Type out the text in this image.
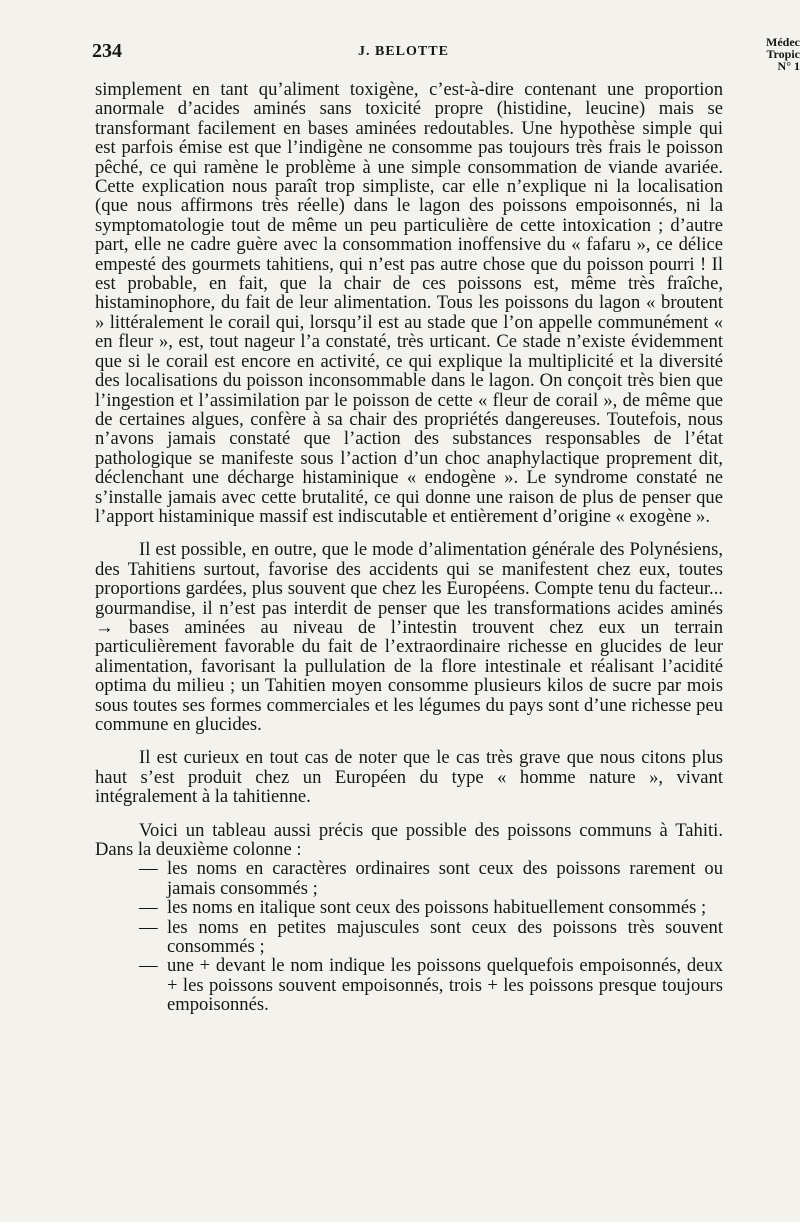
234	J. BELOTTE
Médec
Tropic
N° 1

simplement en tant qu’aliment toxigène, c’est-à-dire contenant une proportion anormale d’acides aminés sans toxicité propre (histidine, leucine) mais se transformant facilement en bases aminées redoutables. Une hypothèse simple qui est parfois émise est que l’indigène ne consomme pas toujours très frais le poisson pêché, ce qui ramène le problème à une simple consommation de viande avariée. Cette explication nous paraît trop simpliste, car elle n’explique ni la localisation (que nous affirmons très réelle) dans le lagon des poissons empoisonnés, ni la symptomatologie tout de même un peu particulière de cette intoxication ; d’autre part, elle ne cadre guère avec la consommation inoffensive du « fafaru », ce délice empesté des gourmets tahitiens, qui n’est pas autre chose que du poisson pourri ! Il est probable, en fait, que la chair de ces poissons est, même très fraîche, histaminophore, du fait de leur alimentation. Tous les poissons du lagon « broutent » littéralement le corail qui, lorsqu’il est au stade que l’on appelle communément « en fleur », est, tout nageur l’a constaté, très urticant. Ce stade n’existe évidemment que si le corail est encore en activité, ce qui explique la multiplicité et la diversité des localisations du poisson inconsommable dans le lagon. On conçoit très bien que l’ingestion et l’assimilation par le poisson de cette « fleur de corail », de même que de certaines algues, confère à sa chair des propriétés dangereuses. Toutefois, nous n’avons jamais constaté que l’action des substances responsables de l’état pathologique se manifeste sous l’action d’un choc anaphylactique proprement dit, déclenchant une décharge histaminique « endogène ». Le syndrome constaté ne s’installe jamais avec cette brutalité, ce qui donne une raison de plus de penser que l’apport histaminique massif est indiscutable et entièrement d’origine « exogène ».

Il est possible, en outre, que le mode d’alimentation générale des Polynésiens, des Tahitiens surtout, favorise des accidents qui se manifestent chez eux, toutes proportions gardées, plus souvent que chez les Européens. Compte tenu du facteur... gourmandise, il n’est pas interdit de penser que les transformations acides aminés → bases aminées au niveau de l’intestin trouvent chez eux un terrain particulièrement favorable du fait de l’extraordinaire richesse en glucides de leur alimentation, favorisant la pullulation de la flore intestinale et réalisant l’acidité optima du milieu ; un Tahitien moyen consomme plusieurs kilos de sucre par mois sous toutes ses formes commerciales et les légumes du pays sont d’une richesse peu commune en glucides.

Il est curieux en tout cas de noter que le cas très grave que nous citons plus haut s’est produit chez un Européen du type « homme nature », vivant intégralement à la tahitienne.

Voici un tableau aussi précis que possible des poissons communs à Tahiti. Dans la deuxième colonne :

— les noms en caractères ordinaires sont ceux des poissons rarement ou jamais consommés ;
— les noms en italique sont ceux des poissons habituellement consommés ;
— les noms en petites majuscules sont ceux des poissons très souvent consommés ;
— une + devant le nom indique les poissons quelquefois empoisonnés, deux + les poissons souvent empoisonnés, trois + les poissons presque toujours empoisonnés.
